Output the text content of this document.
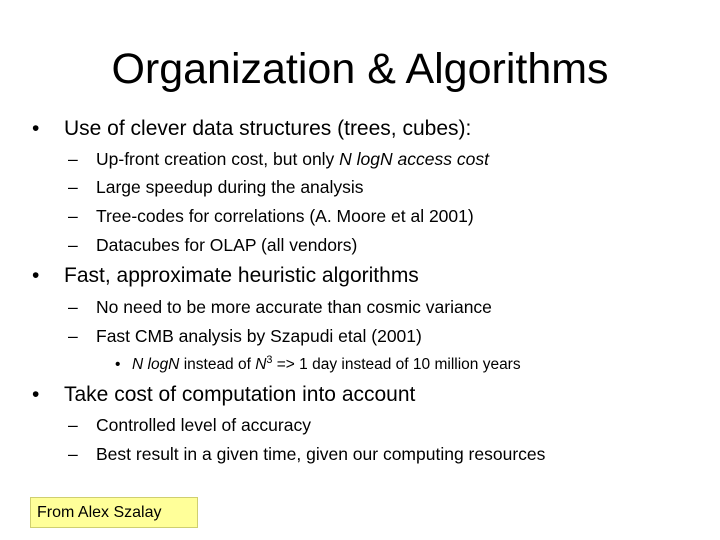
Organization & Algorithms
• Use of clever data structures (trees, cubes):
– Up-front creation cost, but only N logN access cost
– Large speedup during the analysis
– Tree-codes for correlations (A. Moore et al 2001)
– Datacubes for OLAP (all vendors)
• Fast, approximate heuristic algorithms
– No need to be more accurate than cosmic variance
– Fast CMB analysis by Szapudi etal (2001)
• N logN instead of $N^3 => 1$ day instead of 10 million years
• Take cost of computation into account
– Controlled level of accuracy
– Best result in a given time, given our computing resources
From Alex Szalay
